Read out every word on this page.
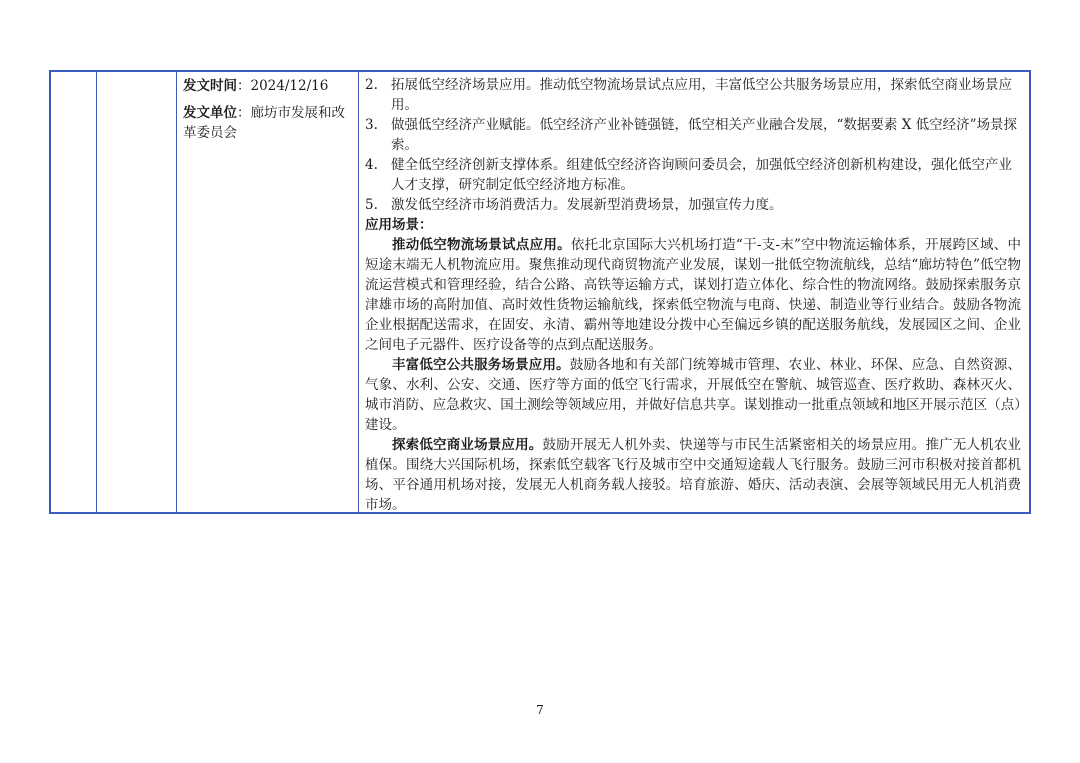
发文时间：2024/12/16
发文单位：廊坊市发展和改革委员会
2. 拓展低空经济场景应用。推动低空物流场景试点应用，丰富低空公共服务场景应用，探索低空商业场景应用。
3. 做强低空经济产业赋能。低空经济产业补链强链，低空相关产业融合发展，“数据要素 X 低空经济”场景探索。
4. 健全低空经济创新支撑体系。组建低空经济咨询顾问委员会，加强低空经济创新机构建设，强化低空产业人才支撑，研究制定低空经济地方标准。
5. 激发低空经济市场消费活力。发展新型消费场景，加强宣传力度。
应用场景：
推动低空物流场景试点应用。依托北京国际大兴机场打造“干-支-末”空中物流运输体系，开展跨区域、中短途末端无人机物流应用。聚焦推动现代商贸物流产业发展，谋划一批低空物流航线，总结“廊坊特色”低空物流运营模式和管理经验，结合公路、高铁等运输方式，谋划打造立体化、综合性的物流网络。鼓励探索服务京津雄市场的高附加值、高时效性货物运输航线，探索低空物流与电商、快递、制造业等行业结合。鼓励各物流企业根据配送需求，在固安、永清、霸州等地建设分拨中心至偏远乡镇的配送服务航线，发展园区之间、企业之间电子元器件、医疗设备等的点到点配送服务。
丰富低空公共服务场景应用。鼓励各地和有关部门统筹城市管理、农业、林业、环保、应急、自然资源、气象、水利、公安、交通、医疗等方面的低空飞行需求，开展低空在警航、城管巡查、医疗救助、森林灭火、城市消防、应急救灾、国土测绘等领域应用，并做好信息共享。谋划推动一批重点领域和地区开展示范区（点）建设。
探索低空商业场景应用。鼓励开展无人机外卖、快递等与市民生活紧密相关的场景应用。推广无人机农业植保。围绕大兴国际机场，探索低空载客飞行及城市空中交通短途载人飞行服务。鼓励三河市积极对接首都机场、平谷通用机场对接，发展无人机商务载人接驳。培育旅游、婚庆、活动表演、会展等领域民用无人机消费市场。
7
